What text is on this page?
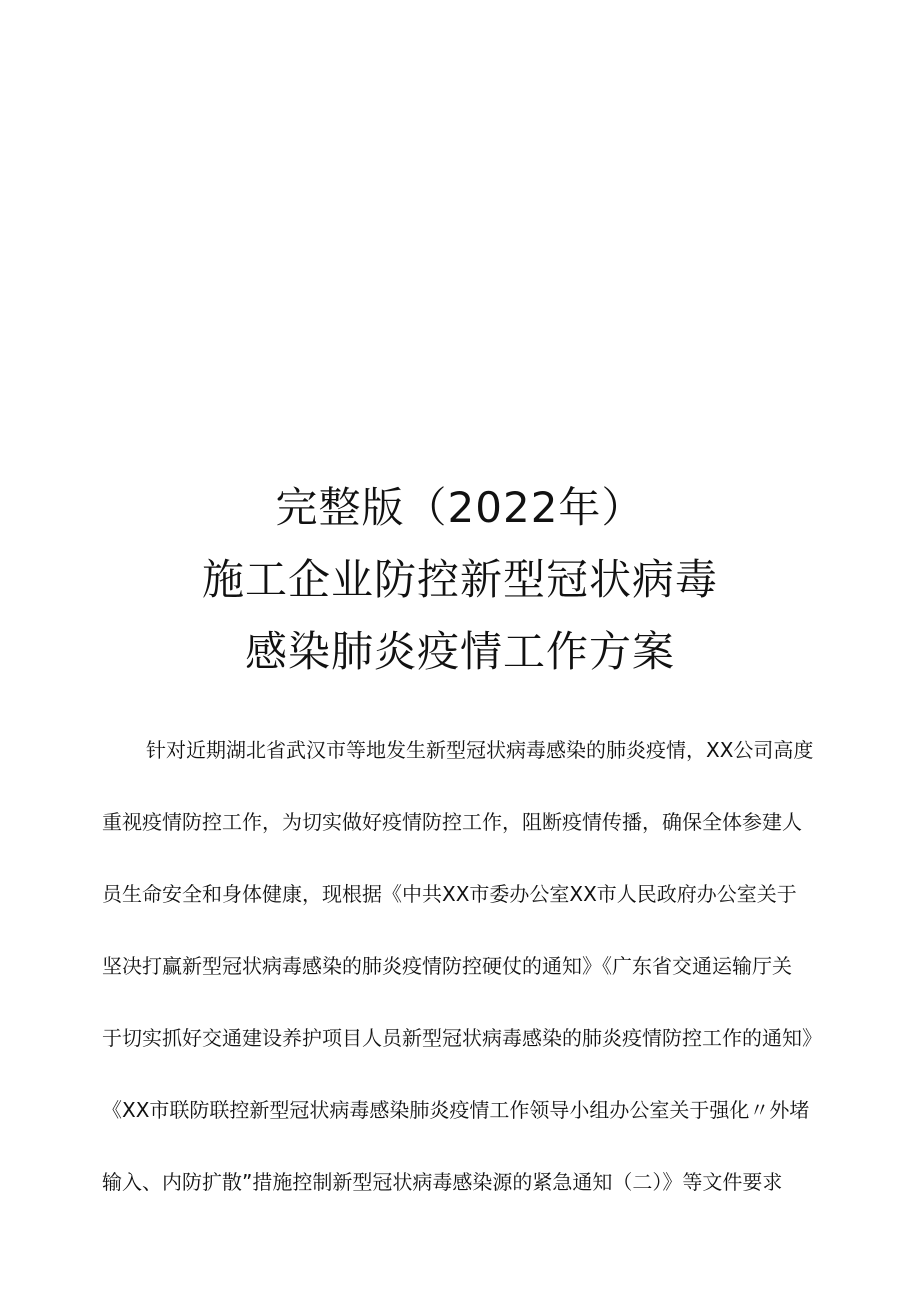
完整版（2022年）
施工企业防控新型冠状病毒
感染肺炎疫情工作方案
针对近期湖北省武汉市等地发生新型冠状病毒感染的肺炎疫情，XX公司高度
重视疫情防控工作，为切实做好疫情防控工作，阻断疫情传播，确保全体参建人
员生命安全和身体健康，现根据《中共XX市委办公室XX市人民政府办公室关于
坚决打赢新型冠状病毒感染的肺炎疫情防控硬仗的通知》《广东省交通运输厅关
于切实抓好交通建设养护项目人员新型冠状病毒感染的肺炎疫情防控工作的通知》
《XX市联防联控新型冠状病毒感染肺炎疫情工作领导小组办公室关于强化〃外堵
输入、内防扩散”措施控制新型冠状病毒感染源的紧急通知（二）》等文件要求
